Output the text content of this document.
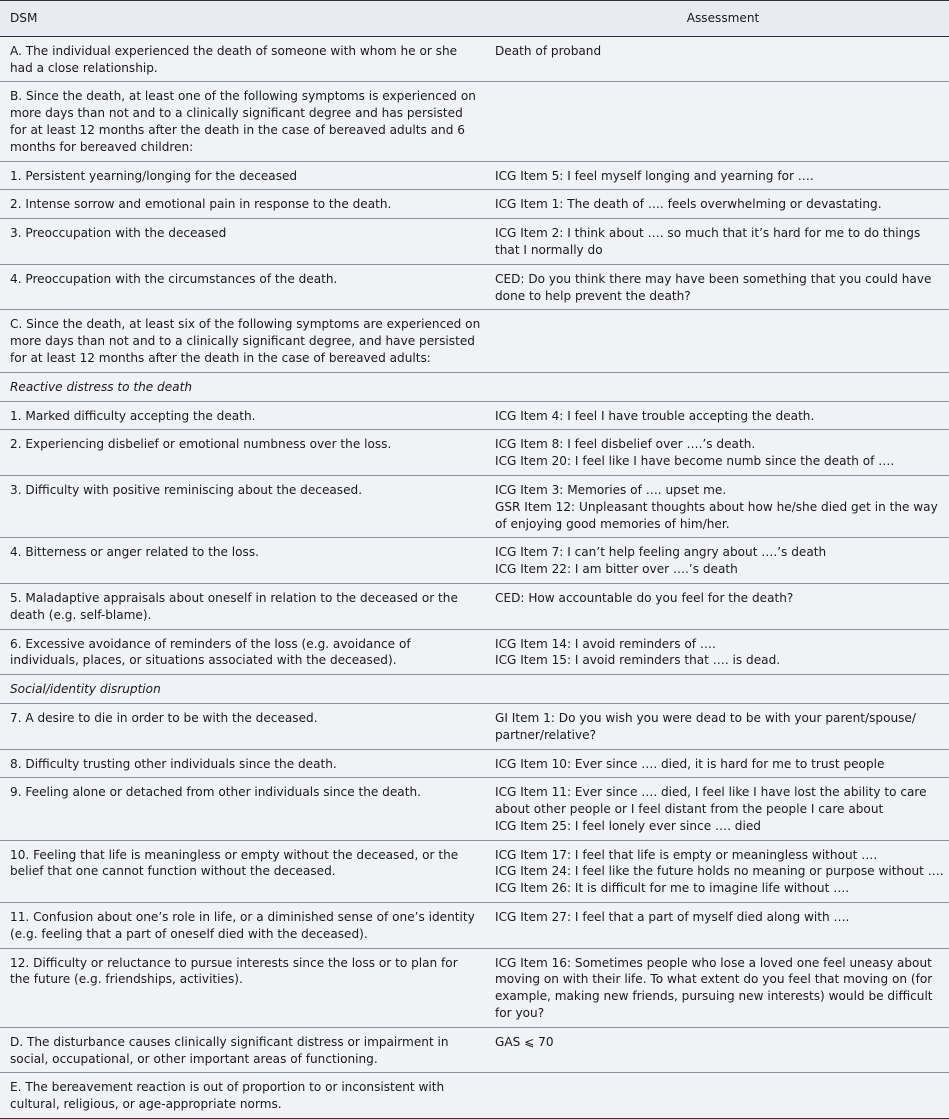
DSM	Assessment
A. The individual experienced the death of someone with whom he or she had a close relationship.	Death of proband

B. Since the death, at least one of the following symptoms is experienced on more days than not and to a clinically significant degree and has persisted for at least 12 months after the death in the case of bereaved adults and 6 months for bereaved children:	
1. Persistent yearning/longing for the deceased	ICG Item 5: I feel myself longing and yearning for ….

2. Intense sorrow and emotional pain in response to the death.	ICG Item 1: The death of …. feels overwhelming or devastating.

3. Preoccupation with the deceased	ICG Item 2: I think about …. so much that it’s hard for me to do things that I normally do

4. Preoccupation with the circumstances of the death.	CED: Do you think there may have been something that you could have done to help prevent the death?

C. Since the death, at least six of the following symptoms are experienced on more days than not and to a clinically significant degree, and have persisted for at least 12 months after the death in the case of bereaved adults:	
Reactive distress to the death	
1. Marked difficulty accepting the death.	ICG Item 4: I feel I have trouble accepting the death.

2. Experiencing disbelief or emotional numbness over the loss.	ICG Item 8: I feel disbelief over ….’s death.
ICG Item 20: I feel like I have become numb since the death of ….

3. Difficulty with positive reminiscing about the deceased.	ICG Item 3: Memories of …. upset me.
GSR Item 12: Unpleasant thoughts about how he/she died get in the way of enjoying good memories of him/her.

4. Bitterness or anger related to the loss.	ICG Item 7: I can’t help feeling angry about ….’s death
ICG Item 22: I am bitter over ….’s death

5. Maladaptive appraisals about oneself in relation to the deceased or the death (e.g. self-blame).	CED: How accountable do you feel for the death?

6. Excessive avoidance of reminders of the loss (e.g. avoidance of individuals, places, or situations associated with the deceased).	ICG Item 14: I avoid reminders of ….
ICG Item 15: I avoid reminders that …. is dead.

Social/identity disruption	
7. A desire to die in order to be with the deceased.	GI Item 1: Do you wish you were dead to be with your parent/spouse/ partner/relative?

8. Difficulty trusting other individuals since the death.	ICG Item 10: Ever since …. died, it is hard for me to trust people

9. Feeling alone or detached from other individuals since the death.	ICG Item 11: Ever since …. died, I feel like I have lost the ability to care about other people or I feel distant from the people I care about
ICG Item 25: I feel lonely ever since …. died

10. Feeling that life is meaningless or empty without the deceased, or the belief that one cannot function without the deceased.	ICG Item 17: I feel that life is empty or meaningless without ….
ICG Item 24: I feel like the future holds no meaning or purpose without ….
ICG Item 26: It is difficult for me to imagine life without ….

11. Confusion about one’s role in life, or a diminished sense of one’s identity (e.g. feeling that a part of oneself died with the deceased).	ICG Item 27: I feel that a part of myself died along with ….

12. Difficulty or reluctance to pursue interests since the loss or to plan for the future (e.g. friendships, activities).	ICG Item 16: Sometimes people who lose a loved one feel uneasy about moving on with their life. To what extent do you feel that moving on (for example, making new friends, pursuing new interests) would be difficult for you?

D. The disturbance causes clinically significant distress or impairment in social, occupational, or other important areas of functioning.	GAS ⩽ 70

E. The bereavement reaction is out of proportion to or inconsistent with cultural, religious, or age-appropriate norms.	
